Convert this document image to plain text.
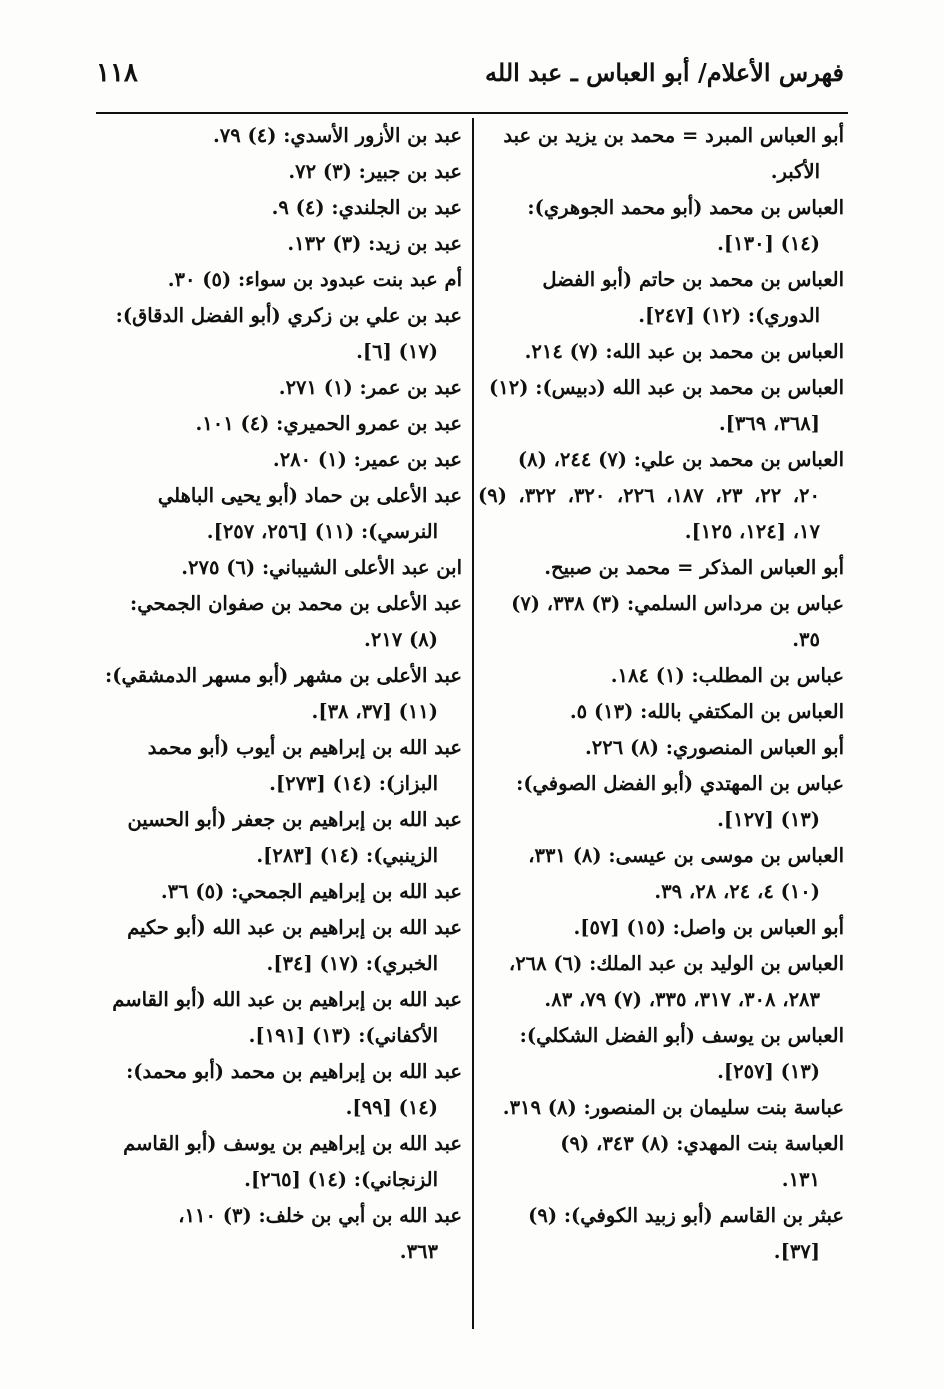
١١٨	فهرس الأعلام/ أبو العباس ـ عبد الله

أبو العباس المبرد = محمد بن يزيد بن عبد
الأكبر.

العباس بن محمد (أبو محمد الجوهري):
(١٤) [١٣٠].

العباس بن محمد بن حاتم (أبو الفضل
الدوري): (١٢) [٢٤٧].

العباس بن محمد بن عبد الله: (٧) ٢١٤.

العباس بن محمد بن عبد الله (دبيس): (١٢)
[٣٦٨، ٣٦٩].

العباس بن محمد بن علي: (٧) ٢٤٤، (٨)
٢٠، ٢٢، ٢٣، ١٨٧، ٢٢٦، ٣٢٠، ٣٢٢، (٩) ١٧، [١٢٤، ١٢٥].

أبو العباس المذكر = محمد بن صبيح.

عباس بن مرداس السلمي: (٣) ٣٣٨، (٧)
٣٥.

عباس بن المطلب: (١) ١٨٤.

العباس بن المكتفي بالله: (١٣) ٥.

أبو العباس المنصوري: (٨) ٢٢٦.

عباس بن المهتدي (أبو الفضل الصوفي):
(١٣) [١٢٧].

العباس بن موسى بن عيسى: (٨) ٣٣١،
(١٠) ٤، ٢٤، ٢٨، ٣٩.

أبو العباس بن واصل: (١٥) [٥٧].

العباس بن الوليد بن عبد الملك: (٦) ٢٦٨،
٢٨٣، ٣٠٨، ٣١٧، ٣٣٥، (٧) ٧٩، ٨٣.

العباس بن يوسف (أبو الفضل الشكلي):
(١٣) [٢٥٧].

عباسة بنت سليمان بن المنصور: (٨) ٣١٩.

العباسة بنت المهدي: (٨) ٣٤٣، (٩)
١٣١.

عبثر بن القاسم (أبو زبيد الكوفي): (٩)
[٣٧].

عبد بن الأزور الأسدي: (٤) ٧٩.

عبد بن جبير: (٣) ٧٢.

عبد بن الجلندي: (٤) ٩.

عبد بن زيد: (٣) ١٣٢.

أم عبد بنت عبدود بن سواء: (٥) ٣٠.

عبد بن علي بن زكري (أبو الفضل الدقاق):
(١٧) [٦].

عبد بن عمر: (١) ٢٧١.

عبد بن عمرو الحميري: (٤) ١٠١.

عبد بن عمير: (١) ٢٨٠.

عبد الأعلى بن حماد (أبو يحيى الباهلي
النرسي): (١١) [٢٥٦، ٢٥٧].

ابن عبد الأعلى الشيباني: (٦) ٢٧٥.

عبد الأعلى بن محمد بن صفوان الجمحي:
(٨) ٢١٧.

عبد الأعلى بن مشهر (أبو مسهر الدمشقي):
(١١) [٣٧، ٣٨].

عبد الله بن إبراهيم بن أيوب (أبو محمد
البزاز): (١٤) [٢٧٣].

عبد الله بن إبراهيم بن جعفر (أبو الحسين
الزينبي): (١٤) [٢٨٣].

عبد الله بن إبراهيم الجمحي: (٥) ٣٦.

عبد الله بن إبراهيم بن عبد الله (أبو حكيم
الخبري): (١٧) [٣٤].

عبد الله بن إبراهيم بن عبد الله (أبو القاسم
الأكفاني): (١٣) [١٩١].

عبد الله بن إبراهيم بن محمد (أبو محمد):
(١٤) [٩٩].

عبد الله بن إبراهيم بن يوسف (أبو القاسم
الزنجاني): (١٤) [٢٦٥].

عبد الله بن أبي بن خلف: (٣) ١١٠،
٣٦٣.
